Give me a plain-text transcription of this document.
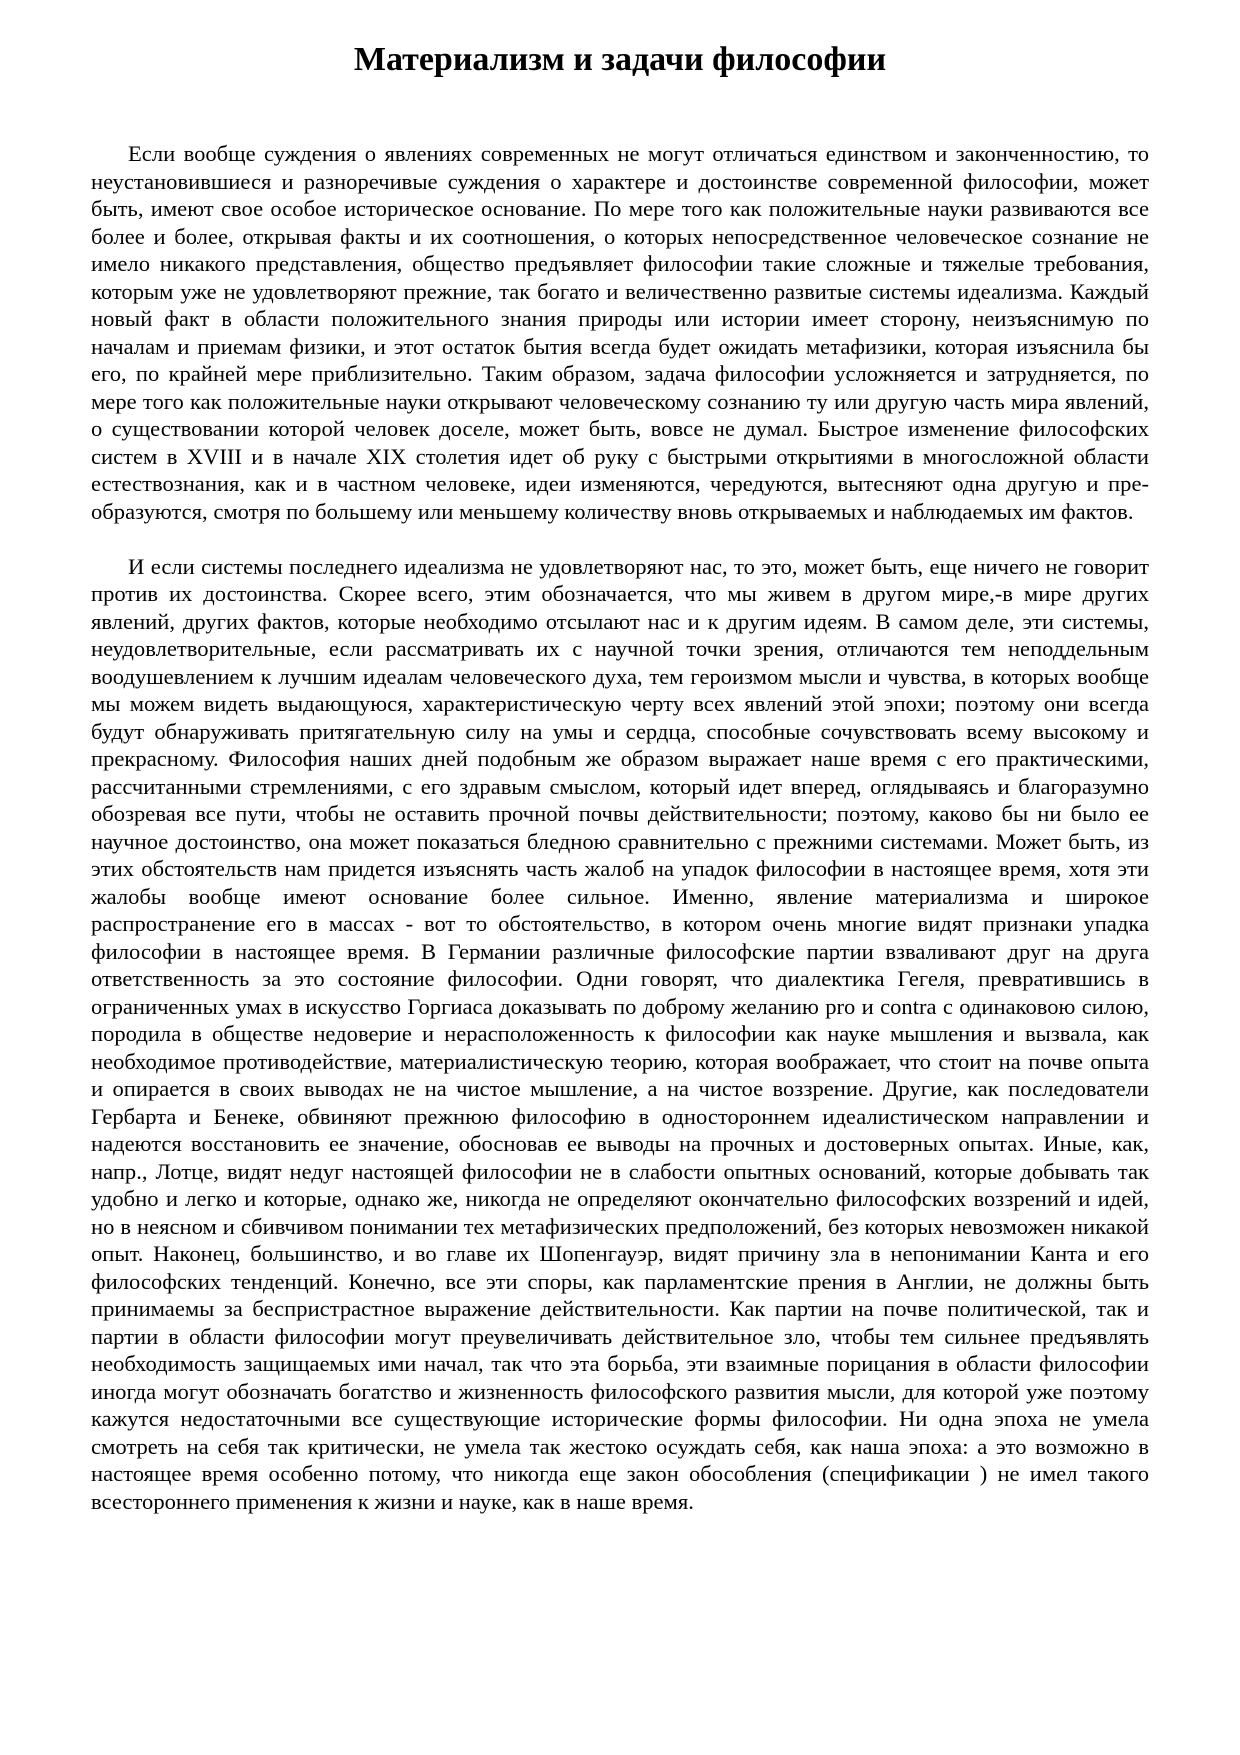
Материализм и задачи философии

Если вообще суждения о явлениях современных не могут отличаться единством и законченностию, то неустановившиеся и разноречивые суждения о характере и достоинстве современной философии, может быть, имеют свое особое историческое основание. По мере того как положительные науки развиваются все более и более, открывая факты и их соотношения, о которых непосредственное человеческое сознание не имело никакого представления, общество предъявляет философии такие сложные и тяжелые требования, которым уже не удовлетворяют прежние, так богато и величественно развитые системы идеализма. Каждый новый факт в области положительного знания природы или истории имеет сторону, неизъяснимую по началам и приемам физики, и этот остаток бытия всегда будет ожидать метафизики, которая изъяснила бы его, по крайней мере приблизительно. Таким образом, задача философии усложняется и затрудняется, по мере того как положительные науки открывают человеческому сознанию ту или другую часть мира явлений, о существовании которой человек доселе, может быть, вовсе не думал. Быстрое изменение философских систем в XVIII и в начале XIX столетия идет об руку с быстрыми открытиями в многосложной области естествознания, как и в частном человеке, идеи изменяются, чередуются, вытесняют одна другую и пре- образуются, смотря по большему или меньшему количеству вновь открываемых и наблюдаемых им фактов.

И если системы последнего идеализма не удовлетворяют нас, то это, может быть, еще ничего не говорит против их достоинства. Скорее всего, этим обозначается, что мы живем в другом мире,-в мире других явлений, других фактов, которые необходимо отсылают нас и к другим идеям. В самом деле, эти системы, неудовлетворительные, если рассматривать их с научной точки зрения, отличаются тем неподдельным воодушевлением к лучшим идеалам человеческого духа, тем героизмом мысли и чувства, в которых вообще мы можем видеть выдающуюся, характеристическую черту всех явлений этой эпохи; поэтому они всегда будут обнаруживать притягательную силу на умы и сердца, способные сочувствовать всему высокому и прекрасному. Философия наших дней подобным же образом выражает наше время с его практическими, рассчитанными стремлениями, с его здравым смыслом, который идет вперед, оглядываясь и благоразумно обозревая все пути, чтобы не оставить прочной почвы действительности; поэтому, каково бы ни было ее научное достоинство, она может показаться бледною сравнительно с прежними системами. Может быть, из этих обстоятельств нам придется изъяснять часть жалоб на упадок философии в настоящее время, хотя эти жалобы вообще имеют основание более сильное. Именно, явление материализма и широкое распространение его в массах - вот то обстоятельство, в котором очень многие видят признаки упадка философии в настоящее время. В Германии различные философские партии взваливают друг на друга ответственность за это состояние философии. Одни говорят, что диалектика Гегеля, превратившись в ограниченных умах в искусство Горгиаса доказывать по доброму желанию pro и contra с одинаковою силою, породила в обществе недоверие и нерасположенность к философии как науке мышления и вызвала, как необходимое противодействие, материалистическую теорию, которая воображает, что стоит на почве опыта и опирается в своих выводах не на чистое мышление, а на чистое воззрение. Другие, как последователи Гербарта и Бенеке, обвиняют прежнюю философию в одностороннем идеалистическом направлении и надеются восстановить ее значение, обосновав ее выводы на прочных и достоверных опытах. Иные, как, напр., Лотце, видят недуг настоящей философии не в слабости опытных оснований, которые добывать так удобно и легко и которые, однако же, никогда не определяют окончательно философских воззрений и идей, но в неясном и сбивчивом понимании тех метафизических предположений, без которых невозможен никакой опыт. Наконец, большинство, и во главе их Шопенгауэр, видят причину зла в непонимании Канта и его философских тенденций. Конечно, все эти споры, как парламентские прения в Англии, не должны быть принимаемы за беспристрастное выражение действительности. Как партии на почве политической, так и партии в области философии могут преувеличивать действительное зло, чтобы тем сильнее предъявлять необходимость защищаемых ими начал, так что эта борьба, эти взаимные порицания в области философии иногда могут обозначать богатство и жизненность философского развития мысли, для которой уже поэтому кажутся недостаточными все существующие исторические формы философии. Ни одна эпоха не умела смотреть на себя так критически, не умела так жестоко осуждать себя, как наша эпоха: а это возможно в настоящее время особенно потому, что никогда еще закон обособления (спецификации ) не имел такого всестороннего применения к жизни и науке, как в наше время.
